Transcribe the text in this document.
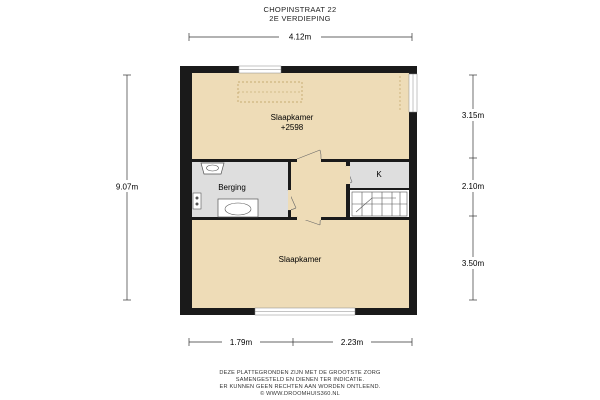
CHOPINSTRAAT 22
2E VERDIEPING
4.12m
9.07m
3.15m
2.10m
3.50m
1.79m	2.23m
Slaapkamer
+2598
Berging
K
Slaapkamer
DEZE PLATTEGRONDEN ZIJN MET DE GROOTSTE ZORG
SAMENGESTELD EN DIENEN TER INDICATIE.
ER KUNNEN GEEN RECHTEN AAN WORDEN ONTLEEND.
© WWW.DROOMHUIS360.NL
